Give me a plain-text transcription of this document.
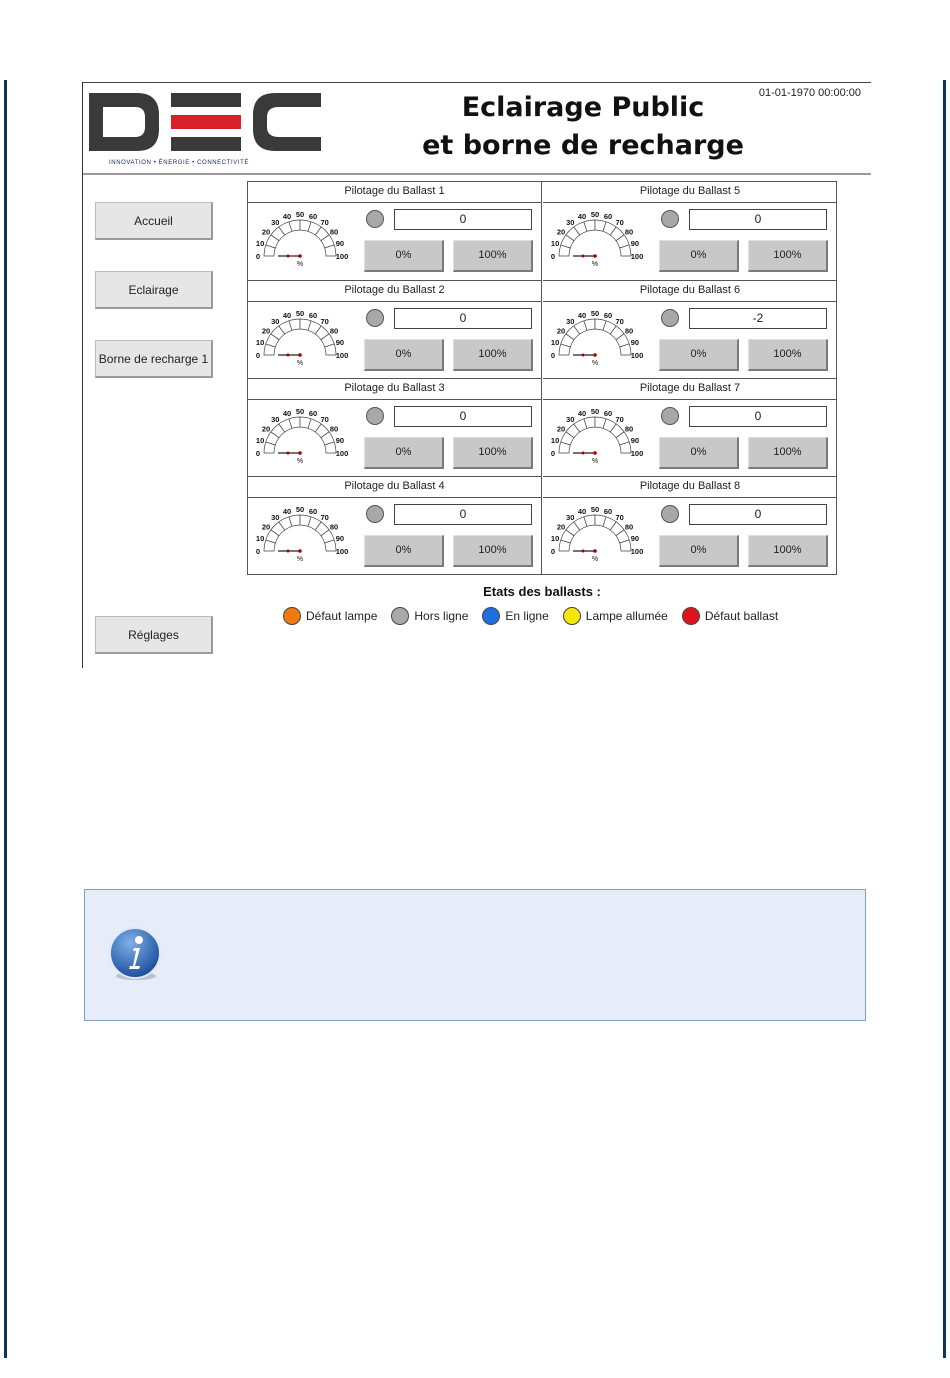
INNOVATION • ÉNERGIE • CONNECTIVITÉ
Eclairage Public
et borne de recharge
01-01-1970 00:00:00
Accueil
Eclairage
Borne de recharge 1
Réglages
Pilotage du Ballast 1
0
10
20
30
40 50 60
70
80
90
100
%
0
0%	100%
Pilotage du Ballast 2
0
10
20
30
40 50 60
70
80
90
100
%
0
0%	100%
Pilotage du Ballast 3
0
10
20
30
40 50 60
70
80
90
100
%
0
0%	100%
Pilotage du Ballast 4
0
10
20
30
40 50 60
70
80
90
100
%
0
0%	100%
Pilotage du Ballast 5
0
10
20
30
40 50 60
70
80
90
100
%
0
0%	100%
Pilotage du Ballast 6
0
10
20
30
40 50 60
70
80
90
100
%
-2
0%	100%
Pilotage du Ballast 7
0
10
20
30
40 50 60
70
80
90
100
%
0
0%	100%
Pilotage du Ballast 8
0
10
20
30
40 50 60
70
80
90
100
%
0
0%	100%
Etats des ballasts :
Défaut lampe	Hors ligne	En ligne	Lampe allumée	Défaut ballast
